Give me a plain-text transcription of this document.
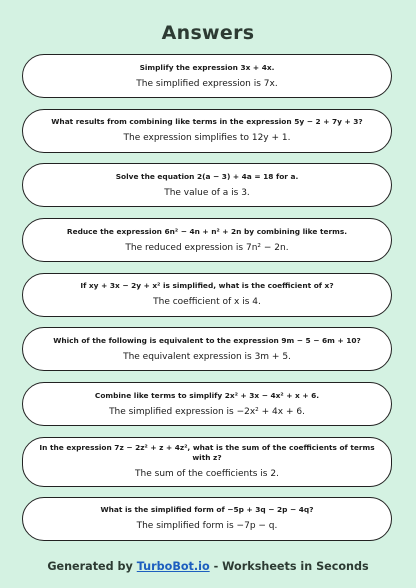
Answers
Simplify the expression 3x + 4x.
The simplified expression is 7x.
What results from combining like terms in the expression 5y − 2 + 7y + 3?
The expression simplifies to 12y + 1.
Solve the equation 2(a − 3) + 4a = 18 for a.
The value of a is 3.
Reduce the expression 6n² − 4n + n² + 2n by combining like terms.
The reduced expression is 7n² − 2n.
If xy + 3x − 2y + x² is simplified, what is the coefficient of x?
The coefficient of x is 4.
Which of the following is equivalent to the expression 9m − 5 − 6m + 10?
The equivalent expression is 3m + 5.
Combine like terms to simplify 2x² + 3x − 4x² + x + 6.
The simplified expression is −2x² + 4x + 6.
In the expression 7z − 2z² + z + 4z², what is the sum of the coefficients of terms with z?
The sum of the coefficients is 2.
What is the simplified form of −5p + 3q − 2p − 4q?
The simplified form is −7p − q.
Generated by TurboBot.io - Worksheets in Seconds
